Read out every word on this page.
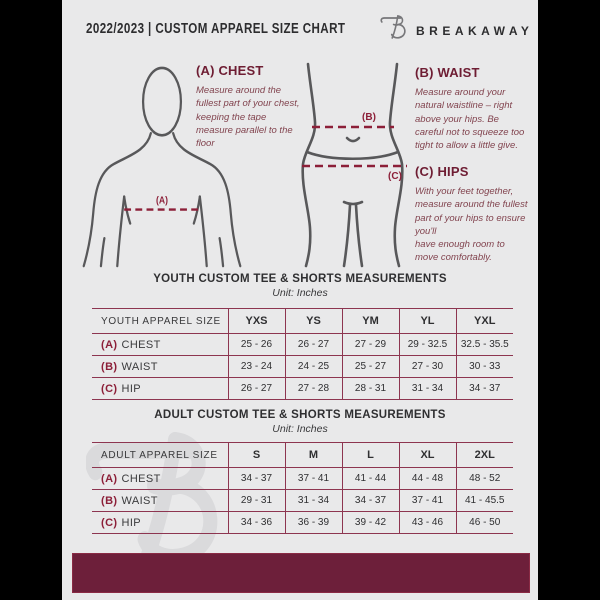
2022/2023 | CUSTOM APPAREL SIZE CHART	BREAKAWAY
(A)
(B)
(C)
(A) CHEST

Measure around the fullest part of your chest, keeping the tape measure parallel to the floor

(B) WAIST

Measure around your natural waistline – right above your hips. Be careful not to squeeze too tight to allow a little give.

(C) HIPS

With your feet together, measure around the fullest part of your hips to ensure you'll

have enough room to move comfortably.

YOUTH CUSTOM TEE & SHORTS MEASUREMENTS
Unit: Inches
YOUTH APPAREL SIZE	YXS	YS	YM	YL	YXL
(A) CHEST	25 - 26	26 - 27	27 - 29	29 - 32.5	32.5 - 35.5
(B) WAIST	23 - 24	24 - 25	25 - 27	27 - 30	30 - 33
(C) HIP	26 - 27	27 - 28	28 - 31	31 - 34	34 - 37
ADULT CUSTOM TEE & SHORTS MEASUREMENTS
Unit: Inches
ADULT APPAREL SIZE	S	M	L	XL	2XL
(A) CHEST	34 - 37	37 - 41	41 - 44	44 - 48	48 - 52
(B) WAIST	29 - 31	31 - 34	34 - 37	37 - 41	41 - 45.5
(C) HIP	34 - 36	36 - 39	39 - 42	43 - 46	46 - 50
